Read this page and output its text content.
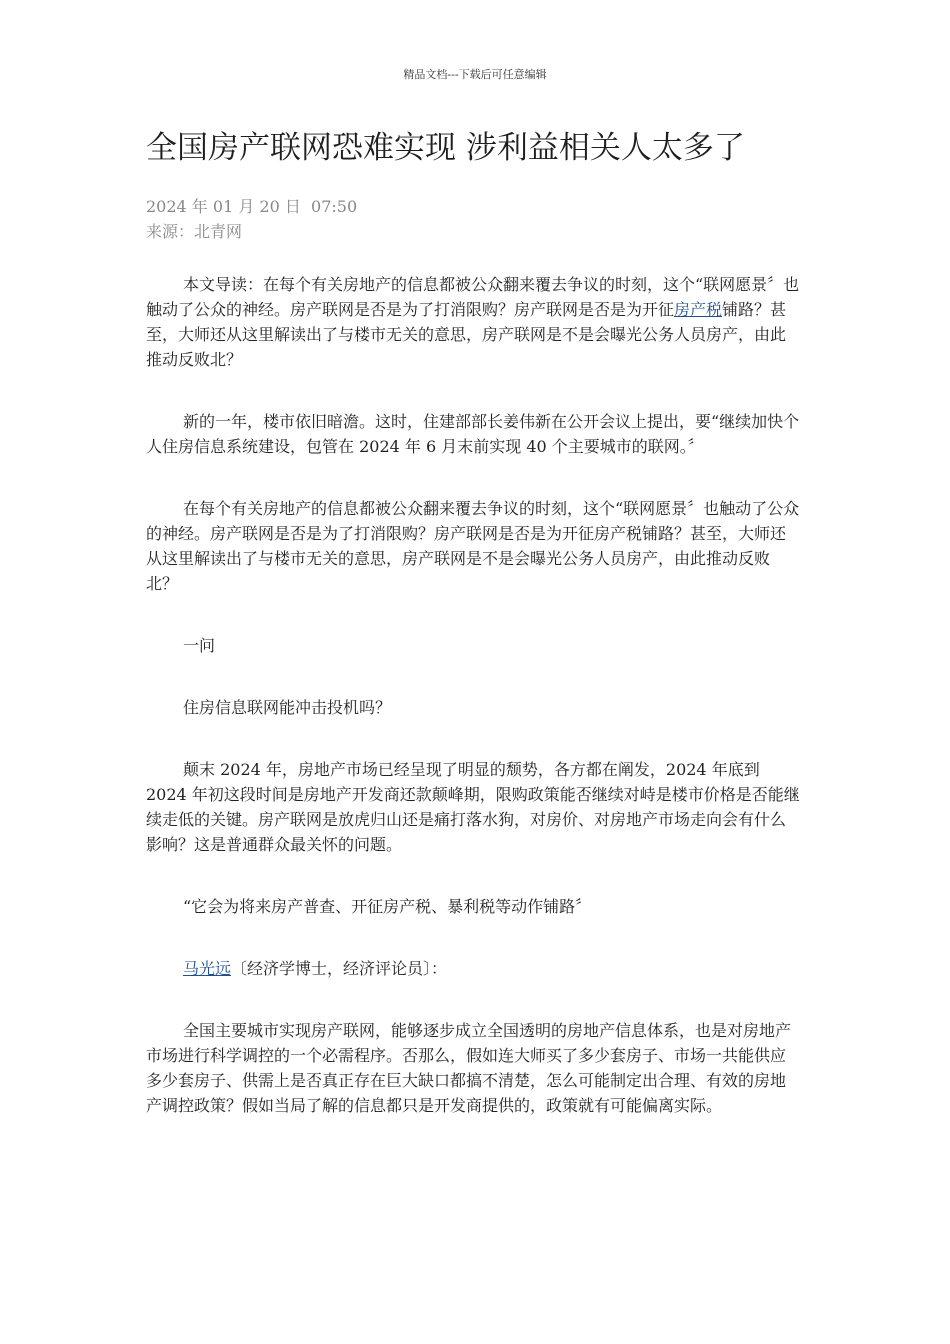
精品文档---下载后可任意编辑
全国房产联网恐难实现 涉利益相关人太多了
2024 年 01 月 20 日  07:50
来源：北青网

本文导读：在每个有关房地产的信息都被公众翻来覆去争议的时刻，这个“联网愿景〞也触动了公众的神经。房产联网是否是为了打消限购？房产联网是否是为开征房产税铺路？甚至，大师还从这里解读出了与楼市无关的意思，房产联网是不是会曝光公务人员房产，由此推动反败北？

新的一年，楼市依旧暗澹。这时，住建部部长姜伟新在公开会议上提出，要“继续加快个人住房信息系统建设，包管在 2024 年 6 月末前实现 40 个主要城市的联网。〞

在每个有关房地产的信息都被公众翻来覆去争议的时刻，这个“联网愿景〞也触动了公众的神经。房产联网是否是为了打消限购？房产联网是否是为开征房产税铺路？甚至，大师还从这里解读出了与楼市无关的意思，房产联网是不是会曝光公务人员房产，由此推动反败北？

一问

住房信息联网能冲击投机吗？

颠末 2024 年，房地产市场已经呈现了明显的颓势，各方都在阐发，2024 年底到 2024 年初这段时间是房地产开发商还款颠峰期，限购政策能否继续对峙是楼市价格是否能继续走低的关键。房产联网是放虎归山还是痛打落水狗，对房价、对房地产市场走向会有什么影响？这是普通群众最关怀的问题。

“它会为将来房产普查、开征房产税、暴利税等动作铺路〞

马光远〔经济学博士，经济评论员〕：

全国主要城市实现房产联网，能够逐步成立全国透明的房地产信息体系，也是对房地产市场进行科学调控的一个必需程序。否那么，假如连大师买了多少套房子、市场一共能供应多少套房子、供需上是否真正存在巨大缺口都搞不清楚，怎么可能制定出合理、有效的房地产调控政策？假如当局了解的信息都只是开发商提供的，政策就有可能偏离实际。
